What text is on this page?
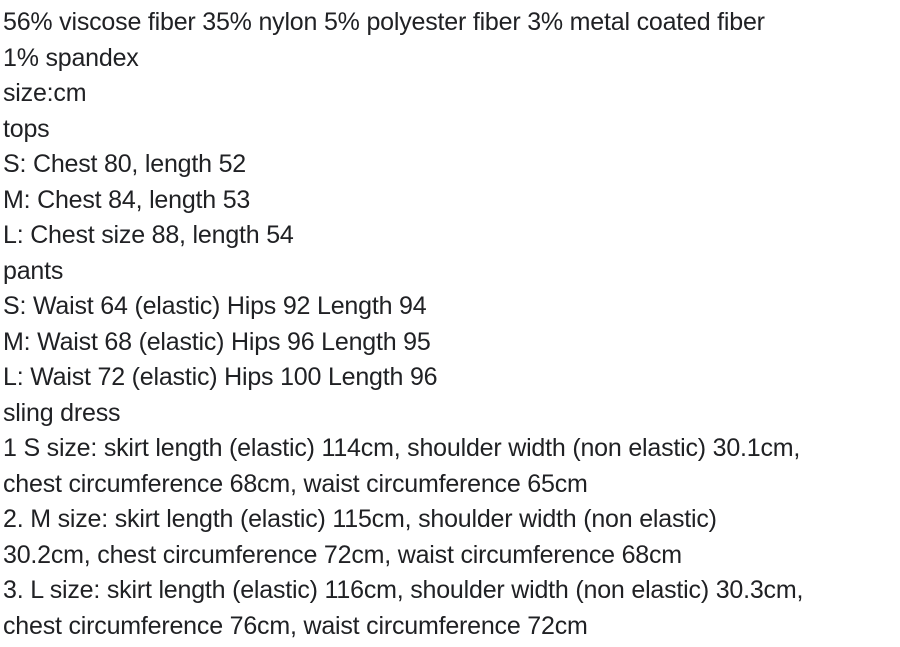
56% viscose fiber 35% nylon 5% polyester fiber 3% metal coated fiber
1% spandex
size:cm
tops
S: Chest 80, length 52
M: Chest 84, length 53
L: Chest size 88, length 54
pants
S: Waist 64 (elastic) Hips 92 Length 94
M: Waist 68 (elastic) Hips 96 Length 95
L: Waist 72 (elastic) Hips 100 Length 96
sling dress
1 S size: skirt length (elastic) 114cm, shoulder width (non elastic) 30.1cm,
chest circumference 68cm, waist circumference 65cm
2. M size: skirt length (elastic) 115cm, shoulder width (non elastic)
30.2cm, chest circumference 72cm, waist circumference 68cm
3. L size: skirt length (elastic) 116cm, shoulder width (non elastic) 30.3cm,
chest circumference 76cm, waist circumference 72cm
